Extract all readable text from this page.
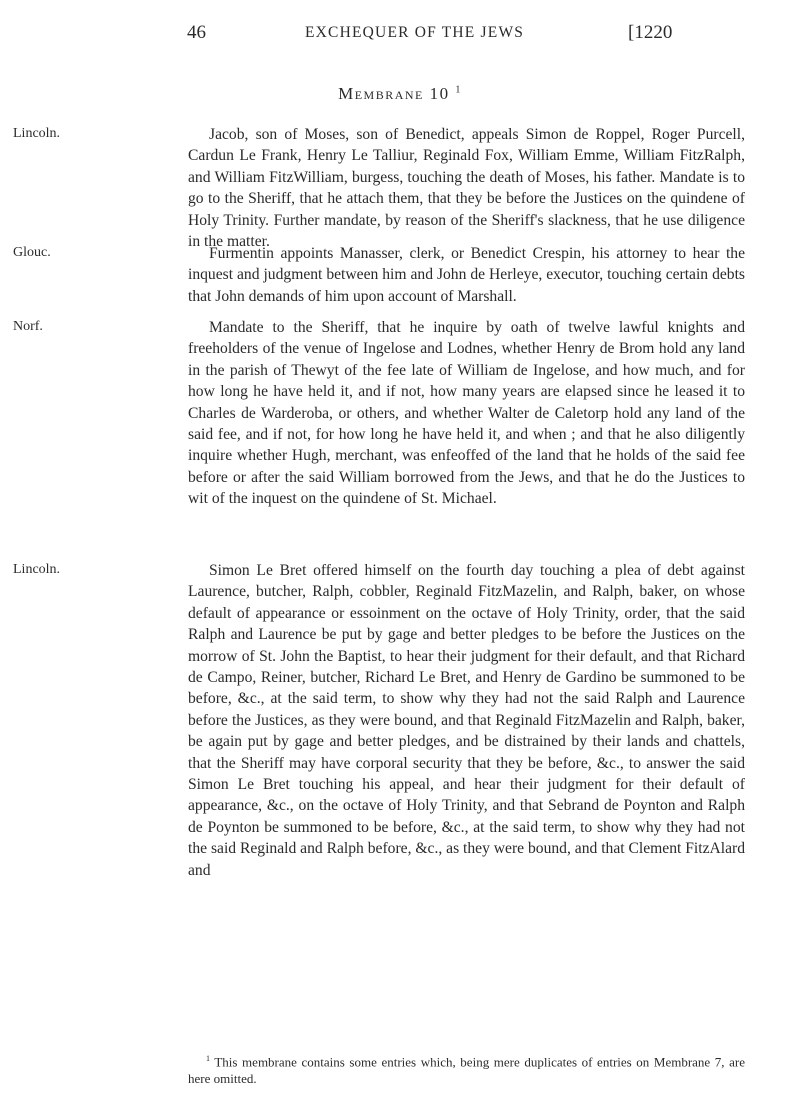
46	EXCHEQUER OF THE JEWS	[1220
Membrane 10 $^1$
Lincoln.	Jacob, son of Moses, son of Benedict, appeals Simon de Roppel, Roger Purcell, Cardun Le Frank, Henry Le Talliur, Reginald Fox, William Emme, William FitzRalph, and William FitzWilliam, burgess, touching the death of Moses, his father. Mandate is to go to the Sheriff, that he attach them, that they be before the Justices on the quindene of Holy Trinity. Further mandate, by reason of the Sheriff's slackness, that he use diligence in the matter.

Glouc.	Furmentin appoints Manasser, clerk, or Benedict Crespin, his attorney to hear the inquest and judgment between him and John de Herleye, executor, touching certain debts that John demands of him upon account of Marshall.

Norf.	Mandate to the Sheriff, that he inquire by oath of twelve lawful knights and freeholders of the venue of Ingelose and Lodnes, whether Henry de Brom hold any land in the parish of Thewyt of the fee late of William de Ingelose, and how much, and for how long he have held it, and if not, how many years are elapsed since he leased it to Charles de Warderoba, or others, and whether Walter de Caletorp hold any land of the said fee, and if not, for how long he have held it, and when ; and that he also diligently inquire whether Hugh, merchant, was enfeoffed of the land that he holds of the said fee before or after the said William borrowed from the Jews, and that he do the Justices to wit of the inquest on the quindene of St. Michael.

Lincoln.	Simon Le Bret offered himself on the fourth day touching a plea of debt against Laurence, butcher, Ralph, cobbler, Reginald FitzMazelin, and Ralph, baker, on whose default of appearance or essoinment on the octave of Holy Trinity, order, that the said Ralph and Laurence be put by gage and better pledges to be before the Justices on the morrow of St. John the Baptist, to hear their judgment for their default, and that Richard de Campo, Reiner, butcher, Richard Le Bret, and Henry de Gardino be summoned to be before, &c., at the said term, to show why they had not the said Ralph and Laurence before the Justices, as they were bound, and that Reginald FitzMazelin and Ralph, baker, be again put by gage and better pledges, and be distrained by their lands and chattels, that the Sheriff may have corporal security that they be before, &c., to answer the said Simon Le Bret touching his appeal, and hear their judgment for their default of appearance, &c., on the octave of Holy Trinity, and that Sebrand de Poynton and Ralph de Poynton be summoned to be before, &c., at the said term, to show why they had not the said Reginald and Ralph before, &c., as they were bound, and that Clement FitzAlard and

$^1$ This membrane contains some entries which, being mere duplicates of entries on Membrane 7, are here omitted.
